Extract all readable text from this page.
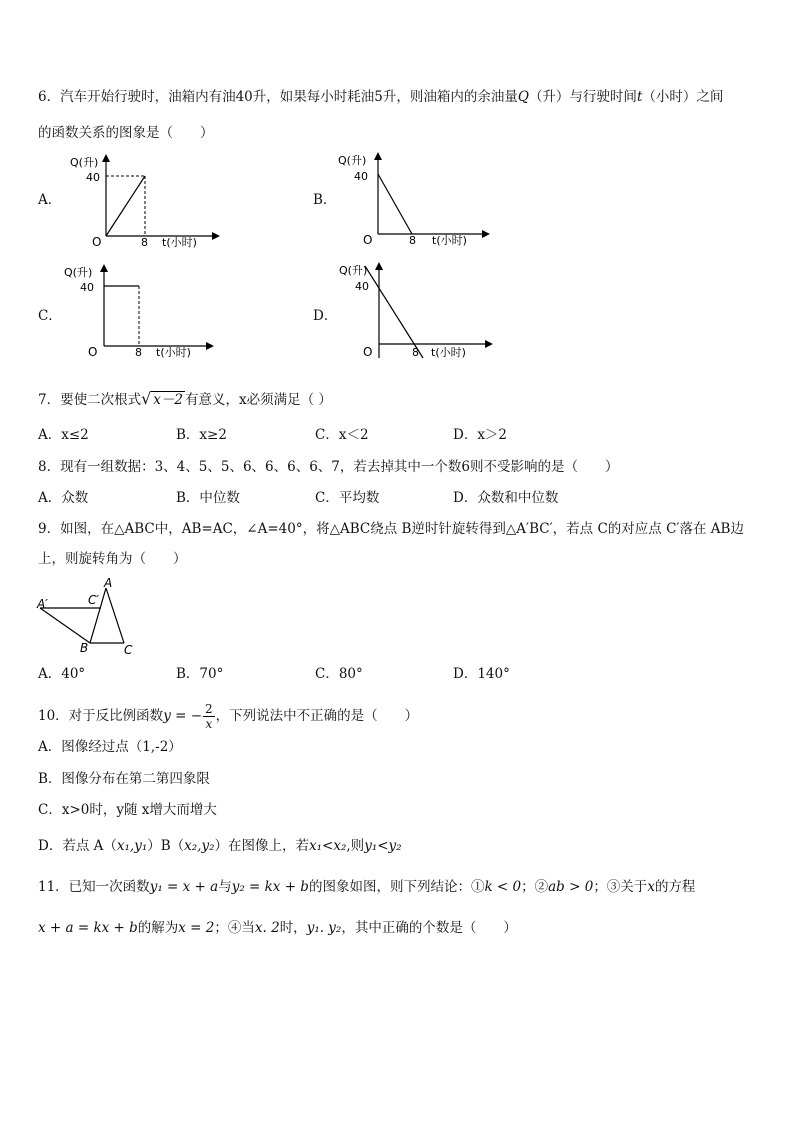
6．汽车开始行驶时，油箱内有油40升，如果每小时耗油5升，则油箱内的余油量Q（升）与行驶时间t（小时）之间
的函数关系的图象是（　　）
A．
Q(升)
40
O	8 t(小时)
B．
Q(升)
40
O	8 t(小时)
C．
Q(升)
40
O	8 t(小时)
D．
Q(升)
40
O	8 t(小时)
7．要使二次根式√ x－2 有意义，x必须满足（ ）
A．x≤2	B．x≥2	C．x＜2	D．x＞2
8．现有一组数据：3、4、5、5、6、6、6、6、7，若去掉其中一个数6则不受影响的是（　　）
A．众数	B．中位数	C．平均数	D．众数和中位数
9．如图，在△ABC中，AB=AC，∠A=40°，将△ABC绕点 B逆时针旋转得到△A′BC′，若点 C的对应点 C′落在 AB边
上，则旋转角为（　　）
A
A′	C′
B	C
A．40°	B．70°	C．80°	D．140°
10．对于反比例函数y = − $\frac{2}{x}$ ，下列说法中不正确的是（　　）
A．图像经过点（1,-2）
B．图像分布在第二第四象限
C．x>0时，y随 x增大而增大
D．若点 A（x₁,y₁）B（x₂,y₂）在图像上，若x₁<x₂,则y₁<y₂
11．已知一次函数y₁ = x + a与y₂ = kx + b的图象如图，则下列结论：①k < 0；②ab > 0；③关于x的方程
x + a = kx + b的解为x = 2；④当x. 2时，y₁. y₂，其中正确的个数是（　　）
